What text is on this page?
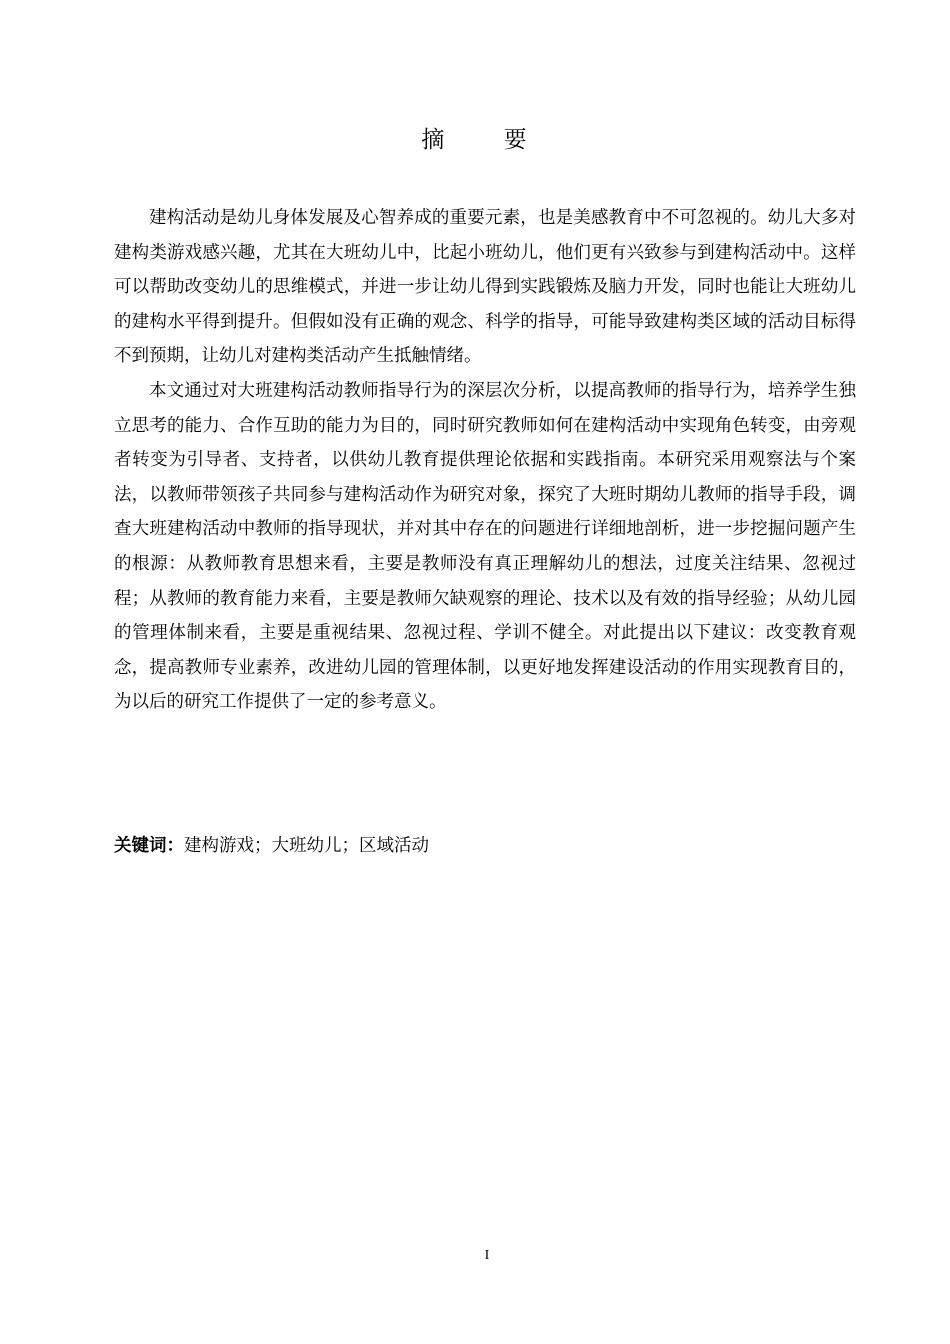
摘 要

建构活动是幼儿身体发展及心智养成的重要元素，也是美感教育中不可忽视的。幼儿大多对建构类游戏感兴趣，尤其在大班幼儿中，比起小班幼儿，他们更有兴致参与到建构活动中。这样可以帮助改变幼儿的思维模式，并进一步让幼儿得到实践锻炼及脑力开发，同时也能让大班幼儿的建构水平得到提升。但假如没有正确的观念、科学的指导，可能导致建构类区域的活动目标得不到预期，让幼儿对建构类活动产生抵触情绪。

本文通过对大班建构活动教师指导行为的深层次分析，以提高教师的指导行为，培养学生独立思考的能力、合作互助的能力为目的，同时研究教师如何在建构活动中实现角色转变，由旁观者转变为引导者、支持者，以供幼儿教育提供理论依据和实践指南。本研究采用观察法与个案法，以教师带领孩子共同参与建构活动作为研究对象，探究了大班时期幼儿教师的指导手段，调查大班建构活动中教师的指导现状，并对其中存在的问题进行详细地剖析，进一步挖掘问题产生的根源：从教师教育思想来看，主要是教师没有真正理解幼儿的想法，过度关注结果、忽视过程；从教师的教育能力来看，主要是教师欠缺观察的理论、技术以及有效的指导经验；从幼儿园的管理体制来看，主要是重视结果、忽视过程、学训不健全。对此提出以下建议：改变教育观念，提高教师专业素养，改进幼儿园的管理体制，以更好地发挥建设活动的作用实现教育目的，为以后的研究工作提供了一定的参考意义。

关键词：建构游戏；大班幼儿；区域活动
I
